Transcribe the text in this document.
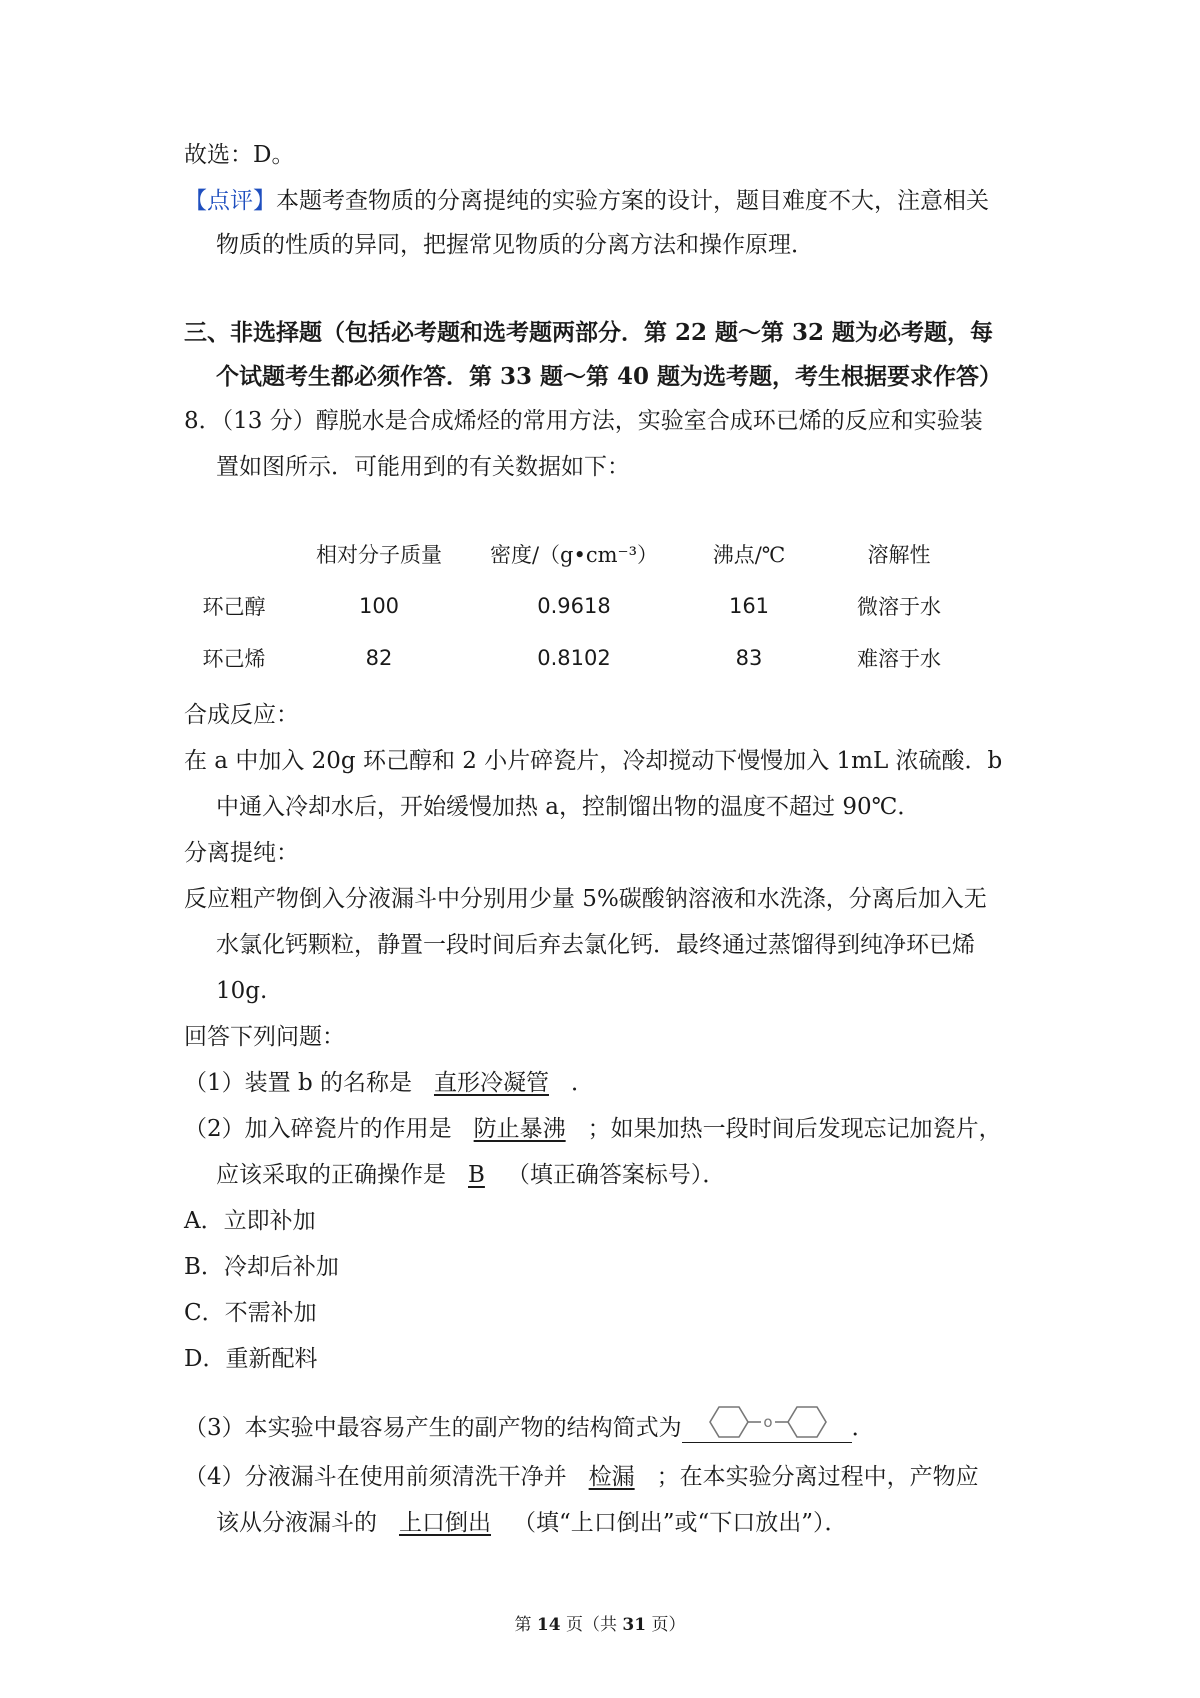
故选：D。
【点评】本题考查物质的分离提纯的实验方案的设计，题目难度不大，注意相关
物质的性质的异同，把握常见物质的分离方法和操作原理．
三、非选择题（包括必考题和选考题两部分．第 22 题～第 32 题为必考题，每
个试题考生都必须作答．第 33 题～第 40 题为选考题，考生根据要求作答）
8．（13 分）醇脱水是合成烯烃的常用方法，实验室合成环已烯的反应和实验装
置如图所示．可能用到的有关数据如下：
	相对分子质量	密度/（g•cm⁻³）	沸点/℃	溶解性
环己醇	100	0.9618	161	微溶于水
环己烯	82	0.8102	83	难溶于水
合成反应：
在 a 中加入 20g 环己醇和 2 小片碎瓷片，冷却搅动下慢慢加入 1mL 浓硫酸．b
中通入冷却水后，开始缓慢加热 a，控制馏出物的温度不超过 90℃．
分离提纯：
反应粗产物倒入分液漏斗中分别用少量 5%碳酸钠溶液和水洗涤，分离后加入无
水氯化钙颗粒，静置一段时间后弃去氯化钙．最终通过蒸馏得到纯净环已烯
10g.
回答下列问题：
（1）装置 b 的名称是 直形冷凝管 ．
（2）加入碎瓷片的作用是 防止暴沸 ；如果加热一段时间后发现忘记加瓷片，
应该采取的正确操作是 B （填正确答案标号）．
A．立即补加
B．冷却后补加
C．不需补加
D．重新配料
（3）本实验中最容易产生的副产物的结构简式为	o	．
（4）分液漏斗在使用前须清洗干净并 检漏 ；在本实验分离过程中，产物应
该从分液漏斗的 上口倒出 （填“上口倒出”或“下口放出”）．
第 14 页（共 31 页）
